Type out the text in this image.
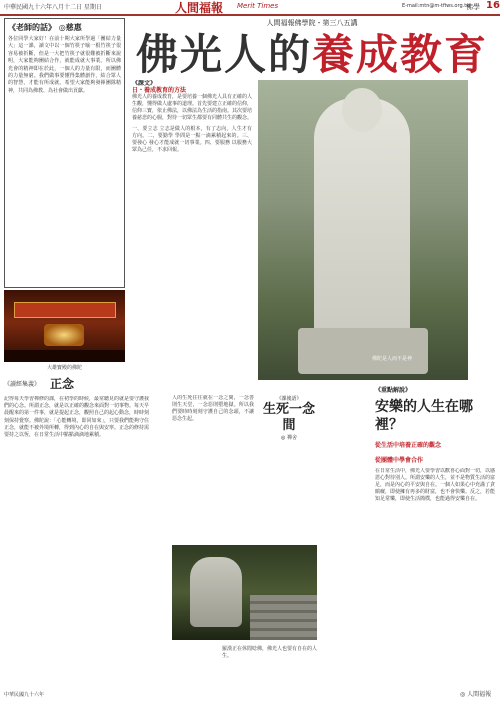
中華民國九十六年八月十二日 星期日	人間福報 Merit Times	E-mail:mtn@m-tfiws.org.tw
佛學 16
《老師的話》 ◎慈惠
各位同學大家好！在前十期大家所學過「團結力量大」這一課，讀文中以一個竹筷子喻一根竹筷子很容易被折斷，但是一大把竹筷子就很難被折斷來說明，大家能夠團結合作，就能成就大事業。所以佛光會的精神即在於此，一個人的力量有限，而團體的力量無窮。我們做事要懂得集體創作，結合眾人的智慧，才能有所成就。希望大家能夠發揮團隊精神，共同為佛教、為社會做出貢獻。
大雄寶殿的佛陀
《讀經集義》 正念
記得每天學習禪修的課，在初學的時候，最常聽見的就是要守護我們的心念。所謂正念，就是以正確的觀念來面對一切事物。每天早晨醒來的第一件事，就是提起正念，觀照自己的起心動念，時時刻刻保持覺察。佛陀說：「心能轉境，即同如來」，只要我們能夠守住正念，就能不被外境所轉，得到內心的自在與安寧。正念的修持需要持之以恆，在日常生活中點點滴滴地累積。
人間福報佛學院・第三八五講
佛光人的養成教育
《課文》
日・養成教育的方法
佛光人的養成教育，是要培養一個佛光人具有正確的人生觀，懂得做人處事的道理。首先要建立正確的信仰，信仰三寶，依止佛法，以佛法為生活的指南。其次要培養慈悲的心腸，對待一切眾生都要有同體共生的觀念。
一、要立志 立志是做人的根本，有了志向，人生才有方向。二、要勤學 學問是一點一滴累積起來的。三、要發心 發心才能成就一切事業。四、要服務 以服務大眾為己任，不求回報。
佛陀是人而不是神
《課後語》
生死一念間
◎ 禪舍
人的生死往往就在一念之間，一念善則生天堂，一念惡則墮地獄。所以我們要時時刻刻守護自己的念頭，不讓惡念生起。
羅漢正在休閒唸佛，佛光人也要有自在的人生。
《重點解說》
安樂的人生在哪裡？
從生活中培養正確的觀念
從團體中學會合作
在日常生活中，佛光人要學習以歡喜心面對一切，以感恩心對待別人。所謂安樂的人生，並不是物質生活的富足，而是內心的平安與自在。一個人如果心中充滿了貪瞋癡，即使擁有再多的財富，也不會快樂。反之，若能知足常樂，即使生活簡樸，也能過得安樂自在。
中華民國九十六年	◎ 人間福報
